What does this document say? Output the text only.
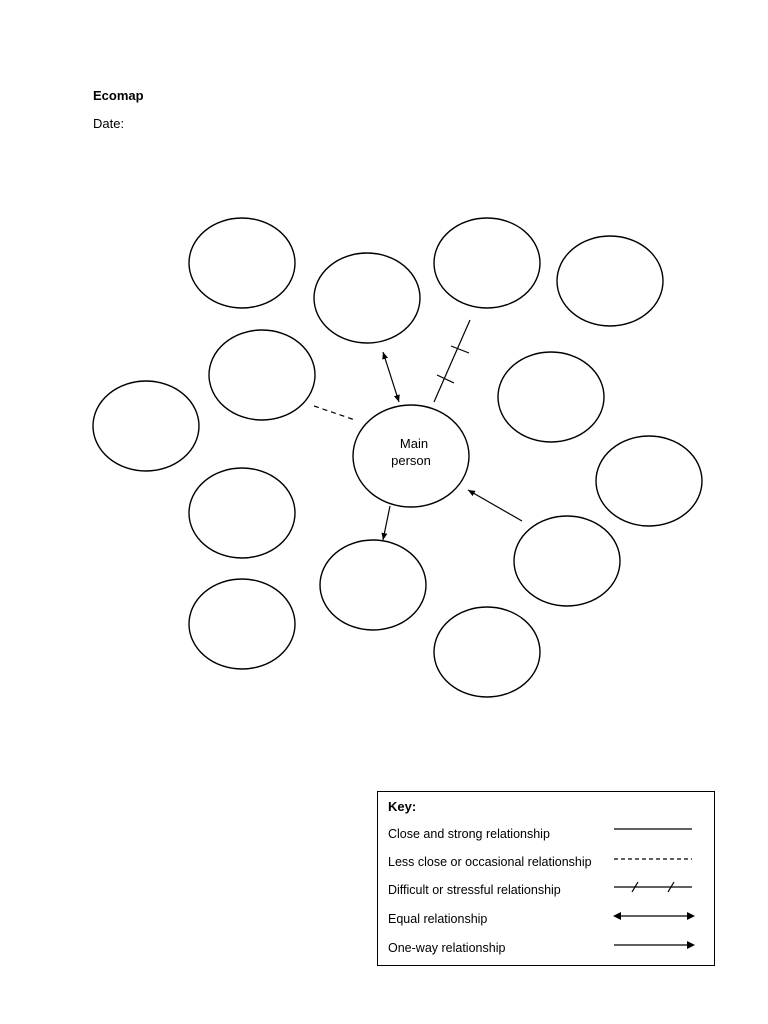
Ecomap
Date:
Main
person
Key:
Close and strong relationship
Less close or occasional relationship
Difficult or stressful relationship
Equal relationship
One-way relationship
